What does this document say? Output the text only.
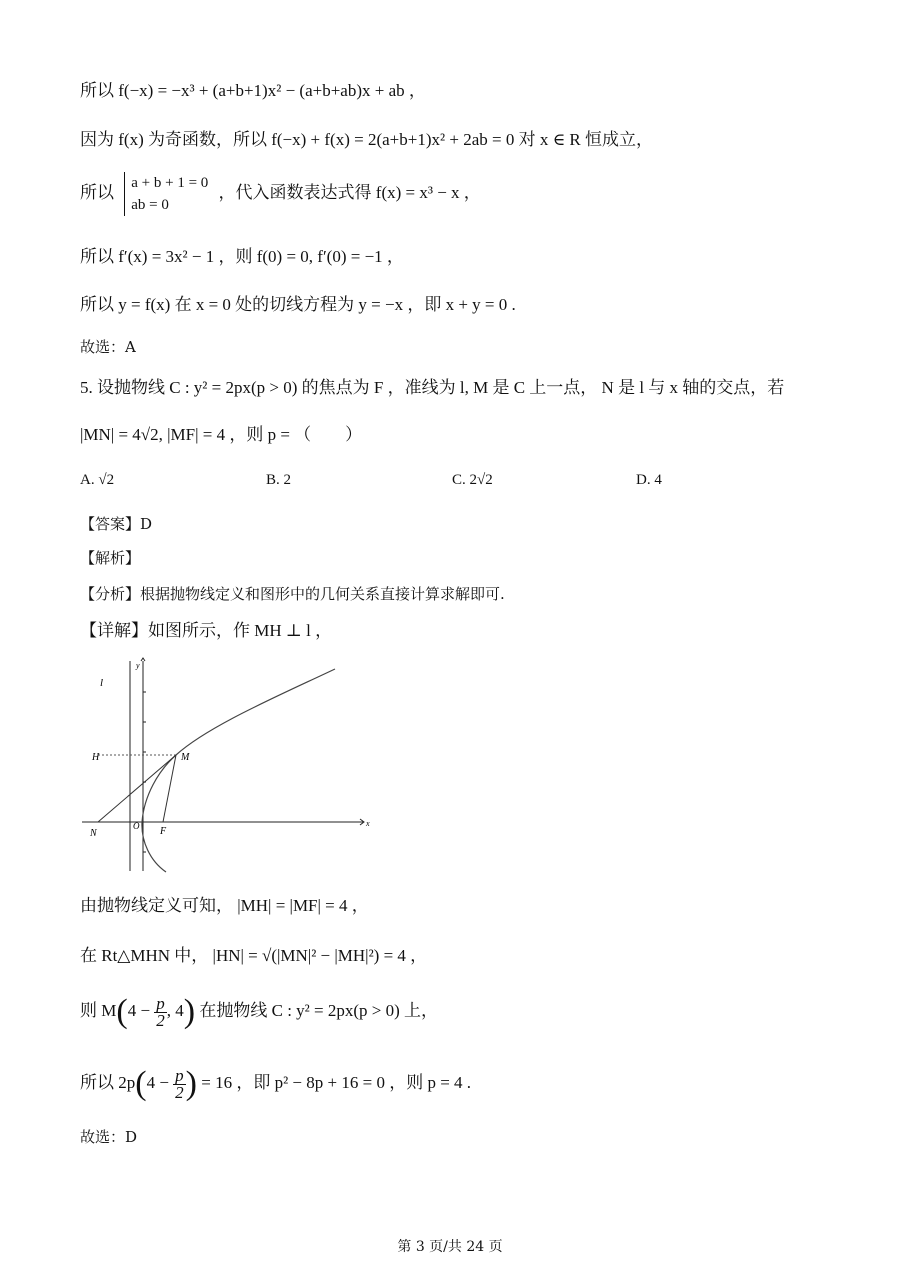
所以 f(−x) = −x³ + (a+b+1)x² − (a+b+ab)x + ab ，
因为 f(x) 为奇函数，所以 f(−x) + f(x) = 2(a+b+1)x² + 2ab = 0 对 x ∈ R 恒成立，
所以 a + b + 1 = 0
ab = 0
，代入函数表达式得 f(x) = x³ − x ，
所以 f′(x) = 3x² − 1 ，则 f(0) = 0, f′(0) = −1 ，
所以 y = f(x) 在 x = 0 处的切线方程为 y = −x ，即 x + y = 0 .
故选：A
5. 设抛物线 C : y² = 2px(p > 0) 的焦点为 F ，准线为 l, M 是 C 上一点， N 是 l 与 x 轴的交点，若
|MN| = 4√2, |MF| = 4 ，则 p = （　　）
A. √2	B. 2	C. 2√2	D. 4
【答案】D
【解析】
【分析】根据抛物线定义和图形中的几何关系直接计算求解即可.
【详解】如图所示，作 MH ⊥ l ，
l
y
H	M
N
O F
x
由抛物线定义可知， |MH| = |MF| = 4 ，
在 Rt△MHN 中， |HN| = √(|MN|² − |MH|²) = 4 ，
则 $M(4 - \frac{p}{2}$ , 4) 在抛物线 C : y² = 2px(p > 0) 上，
所以 $2p(4 - \frac{p}{2}$ ) = 16 ，即 p² − 8p + 16 = 0 ，则 p = 4 .
故选：D
第 3 页/共 24 页
